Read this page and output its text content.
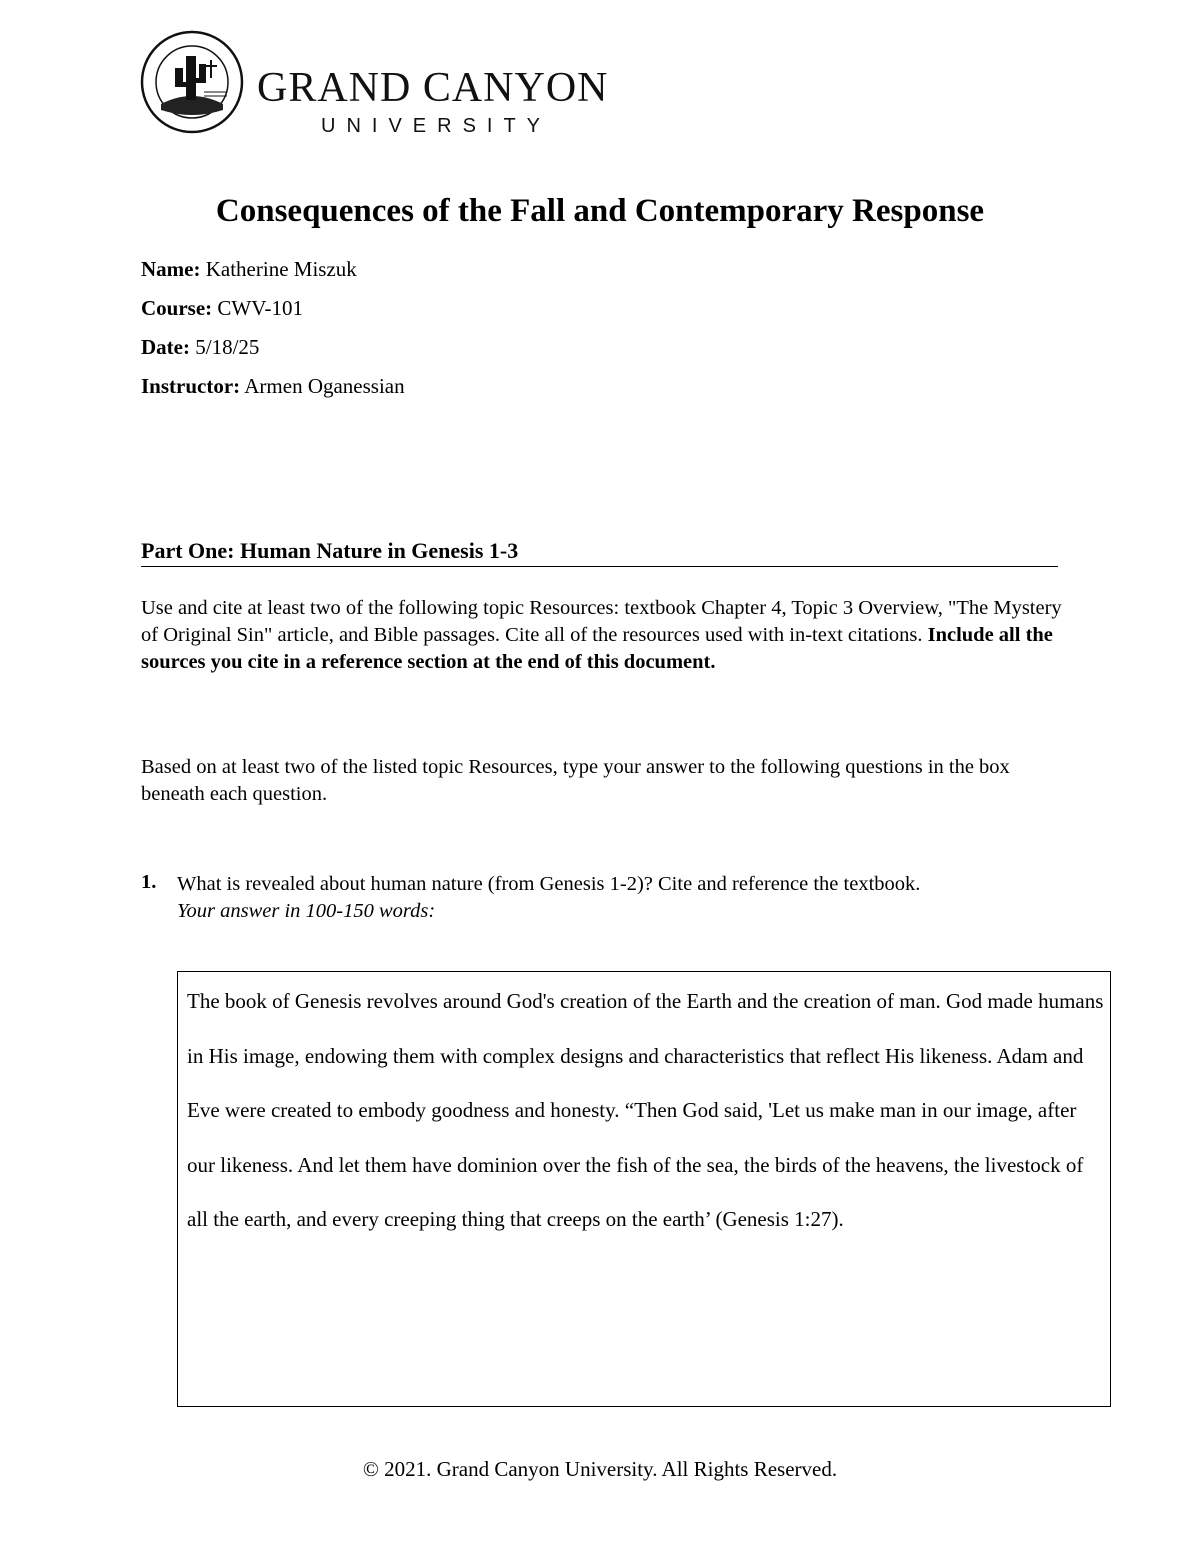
GRAND CANYON
UNIVERSITY
Consequences of the Fall and Contemporary Response
Name: Katherine Miszuk
Course: CWV-101
Date: 5/18/25
Instructor: Armen Oganessian
Part One: Human Nature in Genesis 1-3
Use and cite at least two of the following topic Resources: textbook Chapter 4, Topic 3 Overview, "The Mystery of Original Sin" article, and Bible passages. Cite all of the resources used with in-text citations. Include all the sources you cite in a reference section at the end of this document.
Based on at least two of the listed topic Resources, type your answer to the following questions in the box beneath each question.
1. What is revealed about human nature (from Genesis 1-2)? Cite and reference the textbook.
Your answer in 100-150 words:
The book of Genesis revolves around God's creation of the Earth and the creation of man. God made humans in His image, endowing them with complex designs and characteristics that reflect His likeness. Adam and Eve were created to embody goodness and honesty. “Then God said, 'Let us make man in our image, after our likeness. And let them have dominion over the fish of the sea, the birds of the heavens, the livestock of all the earth, and every creeping thing that creeps on the earth’ (Genesis 1:27).
© 2021. Grand Canyon University. All Rights Reserved.
